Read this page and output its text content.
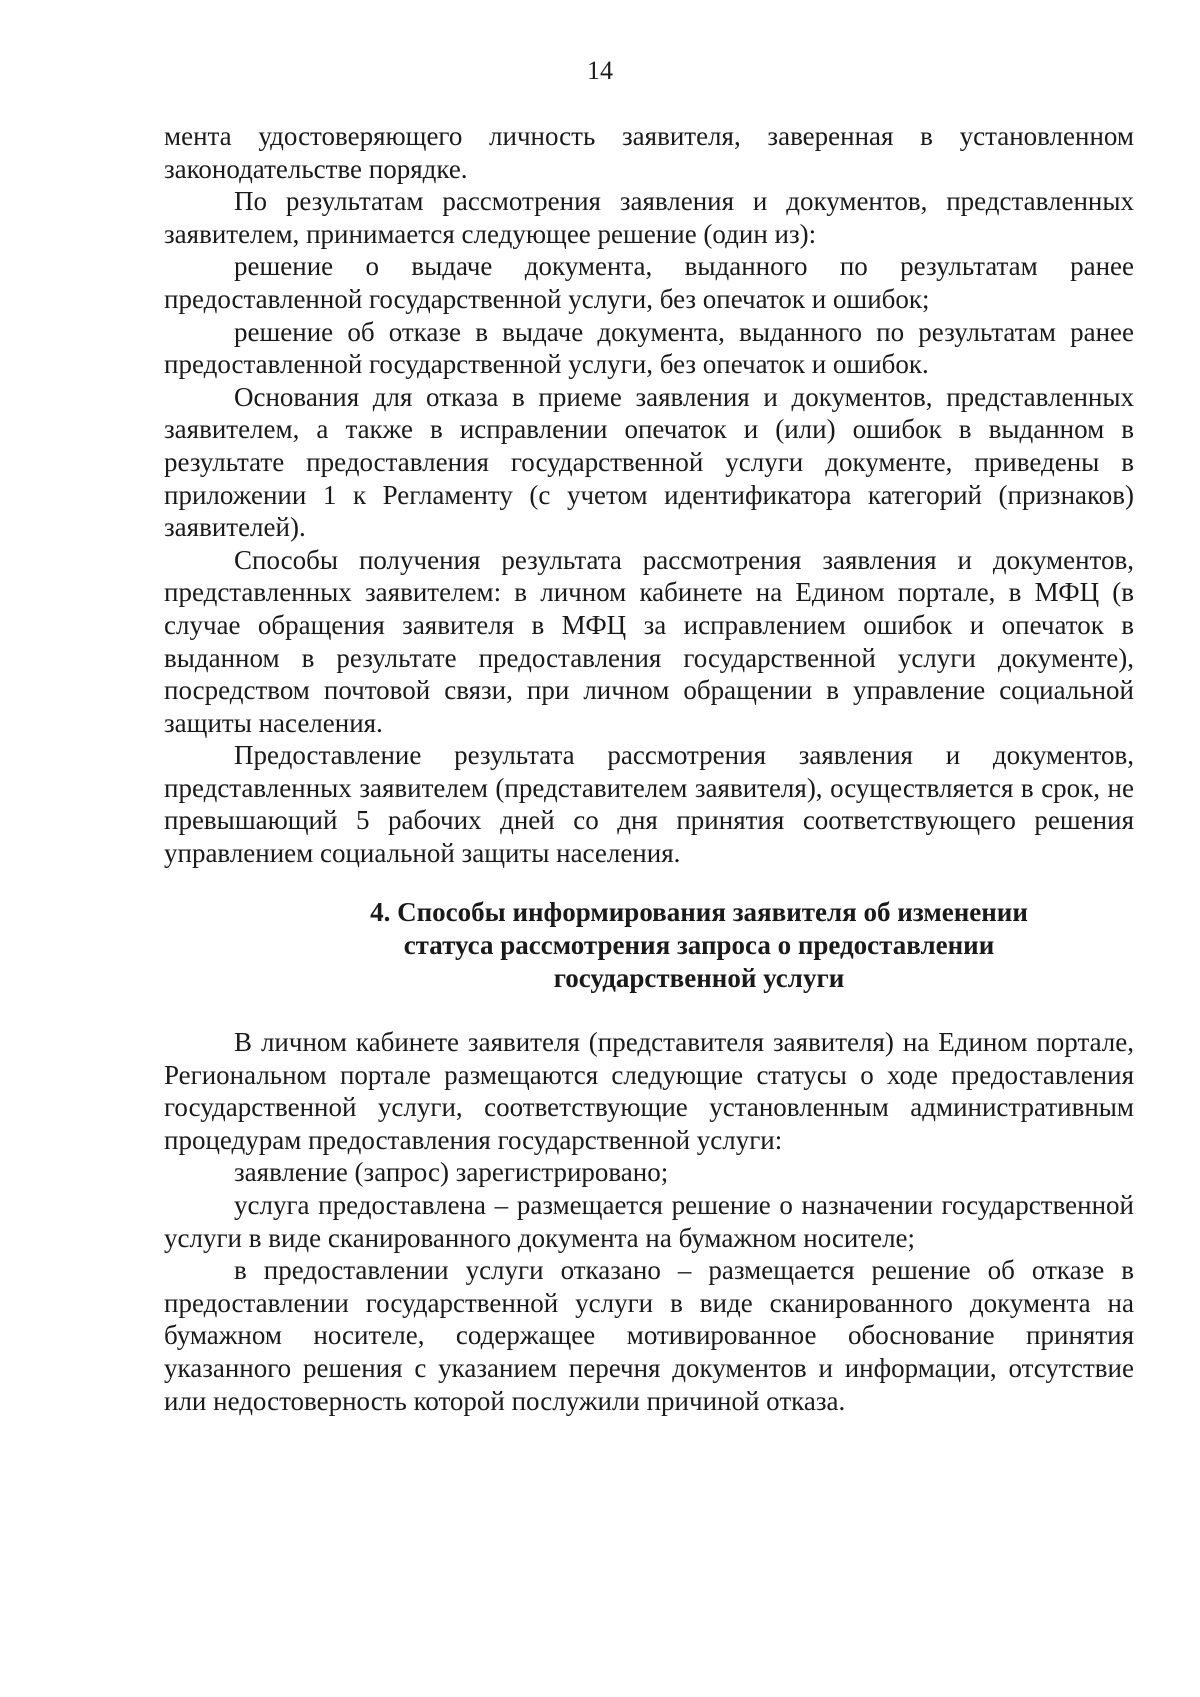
14

мента удостоверяющего личность заявителя, заверенная в установленном законодательстве порядке.

По результатам рассмотрения заявления и документов, представленных заявителем, принимается следующее решение (один из):

решение о выдаче документа, выданного по результатам ранее предоставленной государственной услуги, без опечаток и ошибок;

решение об отказе в выдаче документа, выданного по результатам ранее предоставленной государственной услуги, без опечаток и ошибок.

Основания для отказа в приеме заявления и документов, представленных заявителем, а также в исправлении опечаток и (или) ошибок в выданном в результате предоставления государственной услуги документе, приведены в приложении 1 к Регламенту (с учетом идентификатора категорий (признаков) заявителей).

Способы получения результата рассмотрения заявления и документов, представленных заявителем: в личном кабинете на Едином портале, в МФЦ (в случае обращения заявителя в МФЦ за исправлением ошибок и опечаток в выданном в результате предоставления государственной услуги документе), посредством почтовой связи, при личном обращении в управление социальной защиты населения.

Предоставление результата рассмотрения заявления и документов, представленных заявителем (представителем заявителя), осуществляется в срок, не превышающий 5 рабочих дней со дня принятия соответствующего решения управлением социальной защиты населения.

4. Способы информирования заявителя об изменении
статуса рассмотрения запроса о предоставлении
государственной услуги

В личном кабинете заявителя (представителя заявителя) на Едином портале, Региональном портале размещаются следующие статусы о ходе предоставления государственной услуги, соответствующие установленным административным процедурам предоставления государственной услуги:

заявление (запрос) зарегистрировано;

услуга предоставлена – размещается решение о назначении государственной услуги в виде сканированного документа на бумажном носителе;

в предоставлении услуги отказано – размещается решение об отказе в предоставлении государственной услуги в виде сканированного документа на бумажном носителе, содержащее мотивированное обоснование принятия указанного решения с указанием перечня документов и информации, отсутствие или недостоверность которой послужили причиной отказа.
